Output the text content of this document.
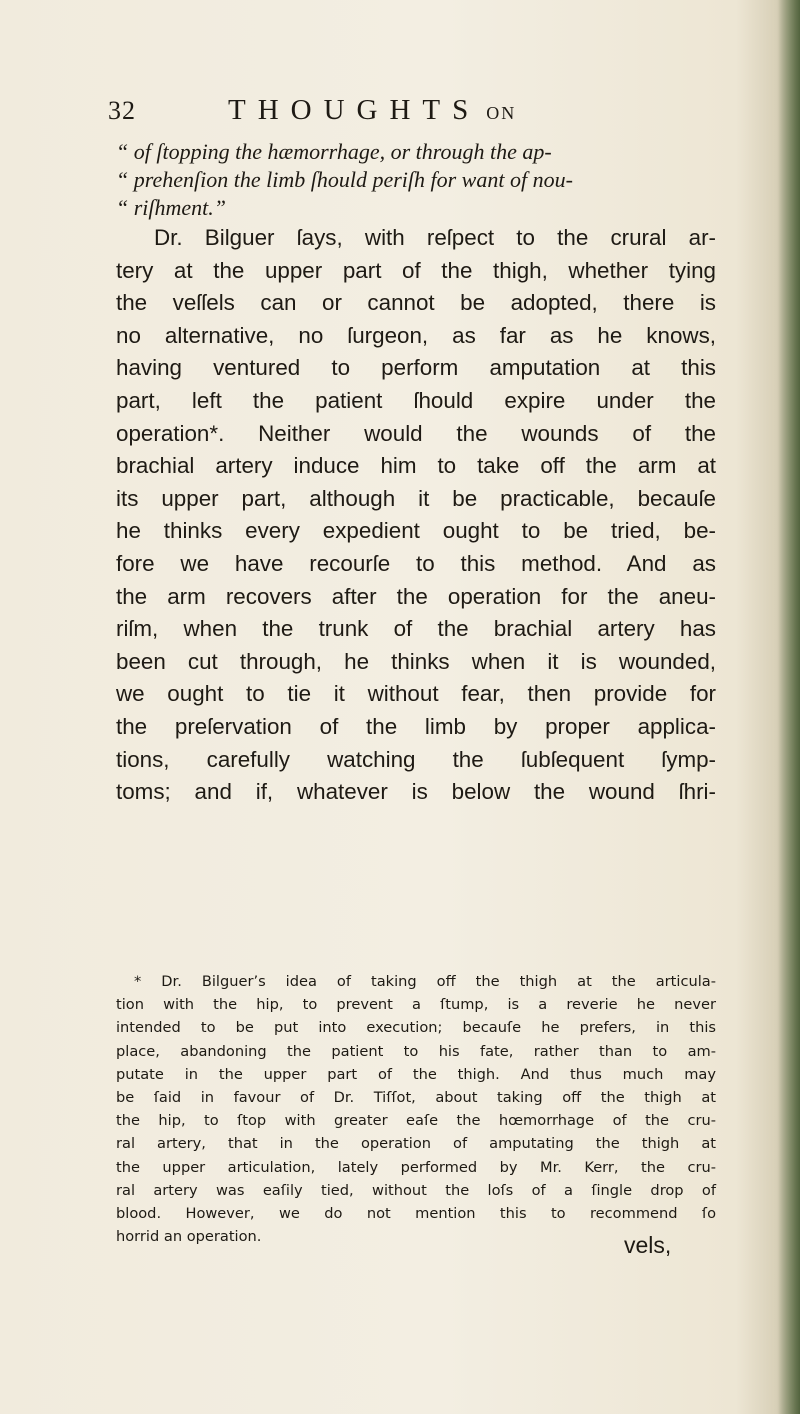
32	THOUGHTS ON
“ of ſtopping the hæmorrhage, or through the ap-
“ prehenſion the limb ſhould periſh for want of nou-
“ riſhment.”
Dr. Bilguer ſays, with reſpect to the crural ar-
tery at the upper part of the thigh, whether tying
the veſſels can or cannot be adopted, there is
no alternative, no ſurgeon, as far as he knows,
having ventured to perform amputation at this
part, left the patient ſhould expire under the
operation*. Neither would the wounds of the
brachial artery induce him to take off the arm at
its upper part, although it be practicable, becauſe
he thinks every expedient ought to be tried, be-
fore we have recourſe to this method. And as
the arm recovers after the operation for the aneu-
riſm, when the trunk of the brachial artery has
been cut through, he thinks when it is wounded,
we ought to tie it without fear, then provide for
the preſervation of the limb by proper applica-
tions, carefully watching the ſubſequent ſymp-
toms; and if, whatever is below the wound ſhri-
* Dr. Bilguer’s idea of taking off the thigh at the articula-
tion with the hip, to prevent a ſtump, is a reverie he never
intended to be put into execution; becauſe he prefers, in this
place, abandoning the patient to his fate, rather than to am-
putate in the upper part of the thigh. And thus much may
be ſaid in favour of Dr. Tiſſot, about taking off the thigh at
the hip, to ſtop with greater eaſe the hœmorrhage of the cru-
ral artery, that in the operation of amputating the thigh at
the upper articulation, lately performed by Mr. Kerr, the cru-
ral artery was eaſily tied, without the loſs of a ſingle drop of
blood. However, we do not mention this to recommend ſo
horrid an operation.	vels,
